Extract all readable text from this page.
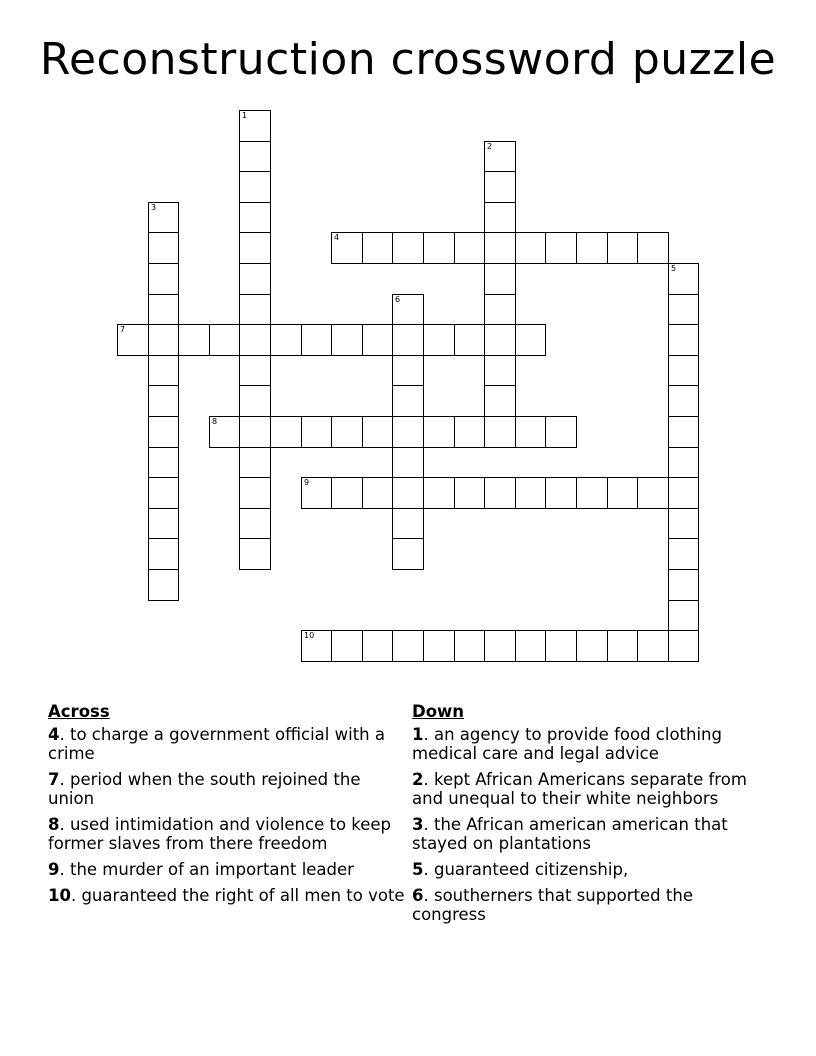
Reconstruction crossword puzzle
1
2
3
4
5
6
7
8
9
10
Across
4. to charge a government official with a crime
7. period when the south rejoined the union
8. used intimidation and violence to keep former slaves from there freedom
9. the murder of an important leader
10. guaranteed the right of all men to vote
Down
1. an agency to provide food clothing medical care and legal advice
2. kept African Americans separate from and unequal to their white neighbors
3. the African american american that stayed on plantations
5. guaranteed citizenship,
6. southerners that supported the congress
